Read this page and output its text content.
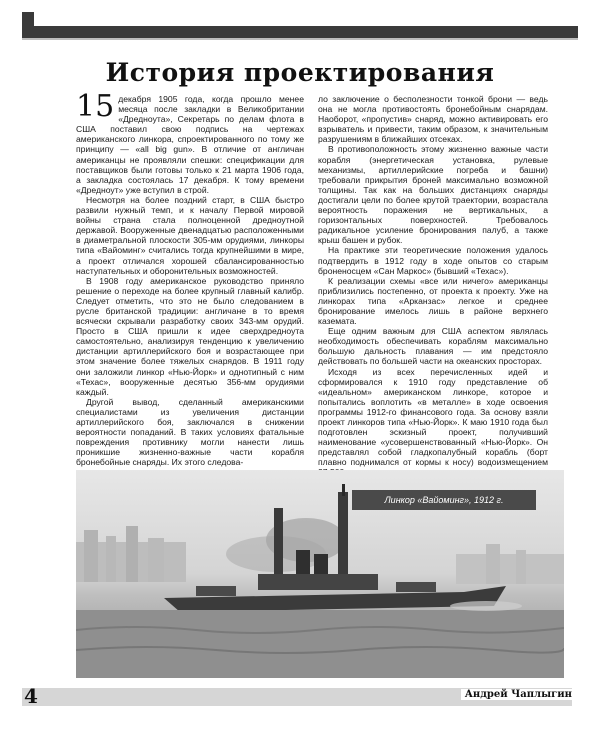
История проектирования

15 декабря 1905 года, когда прошло менее месяца после закладки в Великобритании «Дредноута», Секретарь по делам флота в США поставил свою подпись на чертежах американского линкора, спроектированного по тому же принципу — «all big gun». В отличие от англичан американцы не проявляли спешки: спецификации для поставщиков были готовы только к 21 марта 1906 года, а закладка состоялась 17 декабря. К тому времени «Дредноут» уже вступил в строй.

Несмотря на более поздний старт, в США быстро развили нужный темп, и к началу Первой мировой войны страна стала полноценной дредноутной державой. Вооруженные двенадцатью расположенными в диаметральной плоскости 305-мм орудиями, линкоры типа «Вайоминг» считались тогда крупнейшими в мире, а проект отличался хорошей сбалансированностью наступательных и оборонительных возможностей.

В 1908 году американское руководство приняло решение о переходе на более крупный главный калибр. Следует отметить, что это не было следованием в русле британской традиции: англичане в то время всячески скрывали разработку своих 343-мм орудий. Просто в США пришли к идее сверхдредноута самостоятельно, анализируя тенденцию к увеличению дистанции артиллерийского боя и возрастающее при этом значение более тяжелых снарядов. В 1911 году они заложили линкор «Нью-Йорк» и однотипный с ним «Техас», вооруженные десятью 356-мм орудиями каждый.

Другой вывод, сделанный американскими специалистами из увеличения дистанции артиллерийского боя, заключался в снижении вероятности попаданий. В таких условиях фатальные повреждения противнику могли нанести лишь проникшие жизненно-важные части корабля бронебойные снаряды. Их этого следова-

ло заключение о бесполезности тонкой брони — ведь она не могла противостоять бронебойным снарядам. Наоборот, «пропустив» снаряд, можно активировать его взрыватель и привести, таким образом, к значительным разрушениям в ближайших отсеках.

В противоположность этому жизненно важные части корабля (энергетическая установка, рулевые механизмы, артиллерийские погреба и башни) требовали прикрытия броней максимально возможной толщины. Так как на больших дистанциях снаряды достигали цели по более крутой траектории, возрастала вероятность поражения не вертикальных, а горизонтальных поверхностей. Требовалось радикальное усиление бронирования палуб, а также крыш башен и рубок.

На практике эти теоретические положения удалось подтвердить в 1912 году в ходе опытов со старым броненосцем «Сан Маркос» (бывший «Техас»).

К реализации схемы «все или ничего» американцы приблизились постепенно, от проекта к проекту. Уже на линкорах типа «Арканзас» легкое и среднее бронирование имелось лишь в районе верхнего каземата.

Еще одним важным для США аспектом являлась необходимость обеспечивать кораблям максимально большую дальность плавания — им предстояло действовать по большей части на океанских просторах.

Исходя из всех перечисленных идей и сформировался к 1910 году представление об «идеальном» американском линкоре, которое и попытались воплотить «в металле» в ходе освоения программы 1912-го финансового года. За основу взяли проект линкоров типа «Нью-Йорк». К маю 1910 года был подготовлен эскизный проект, получивший наименование «усовершенствованный «Нью-Йорк». Он представлял собой гладкопалубный корабль (борт плавно поднимался от кормы к носу) водоизмещением

Линкор «Вайоминг», 1912 г.
4	Андрей Чаплыгин
